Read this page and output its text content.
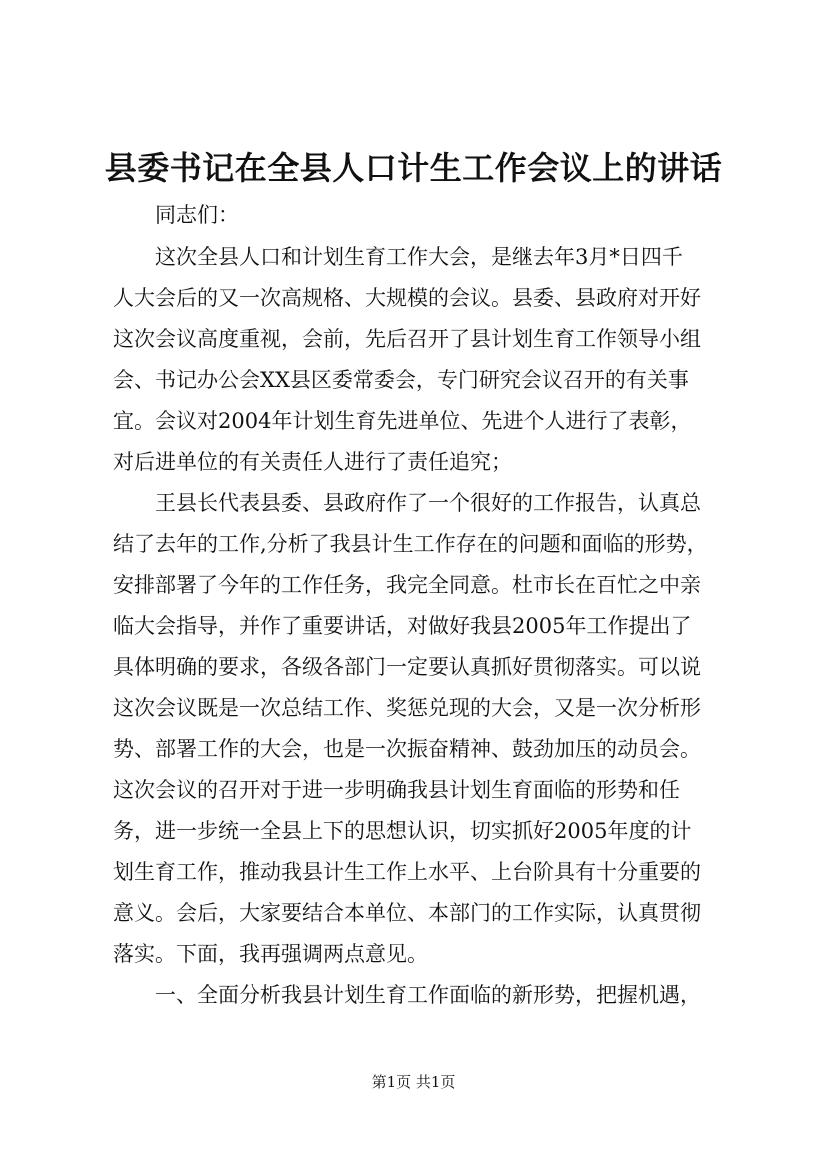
县委书记在全县人口计生工作会议上的讲话

同志们：

这次全县人口和计划生育工作大会，是继去年3月*日四千

人大会后的又一次高规格、大规模的会议。县委、县政府对开好

这次会议高度重视，会前，先后召开了县计划生育工作领导小组

会、书记办公会XX县区委常委会，专门研究会议召开的有关事

宜。会议对2004年计划生育先进单位、先进个人进行了表彰，

对后进单位的有关责任人进行了责任追究；

王县长代表县委、县政府作了一个很好的工作报告，认真总

结了去年的工作,分析了我县计生工作存在的问题和面临的形势，

安排部署了今年的工作任务，我完全同意。杜市长在百忙之中亲

临大会指导，并作了重要讲话，对做好我县2005年工作提出了

具体明确的要求，各级各部门一定要认真抓好贯彻落实。可以说

这次会议既是一次总结工作、奖惩兑现的大会，又是一次分析形

势、部署工作的大会，也是一次振奋精神、鼓劲加压的动员会。

这次会议的召开对于进一步明确我县计划生育面临的形势和任

务，进一步统一全县上下的思想认识，切实抓好2005年度的计

划生育工作，推动我县计生工作上水平、上台阶具有十分重要的

意义。会后，大家要结合本单位、本部门的工作实际，认真贯彻

落实。下面，我再强调两点意见。

一、全面分析我县计划生育工作面临的新形势，把握机遇，

第1页 共1页
